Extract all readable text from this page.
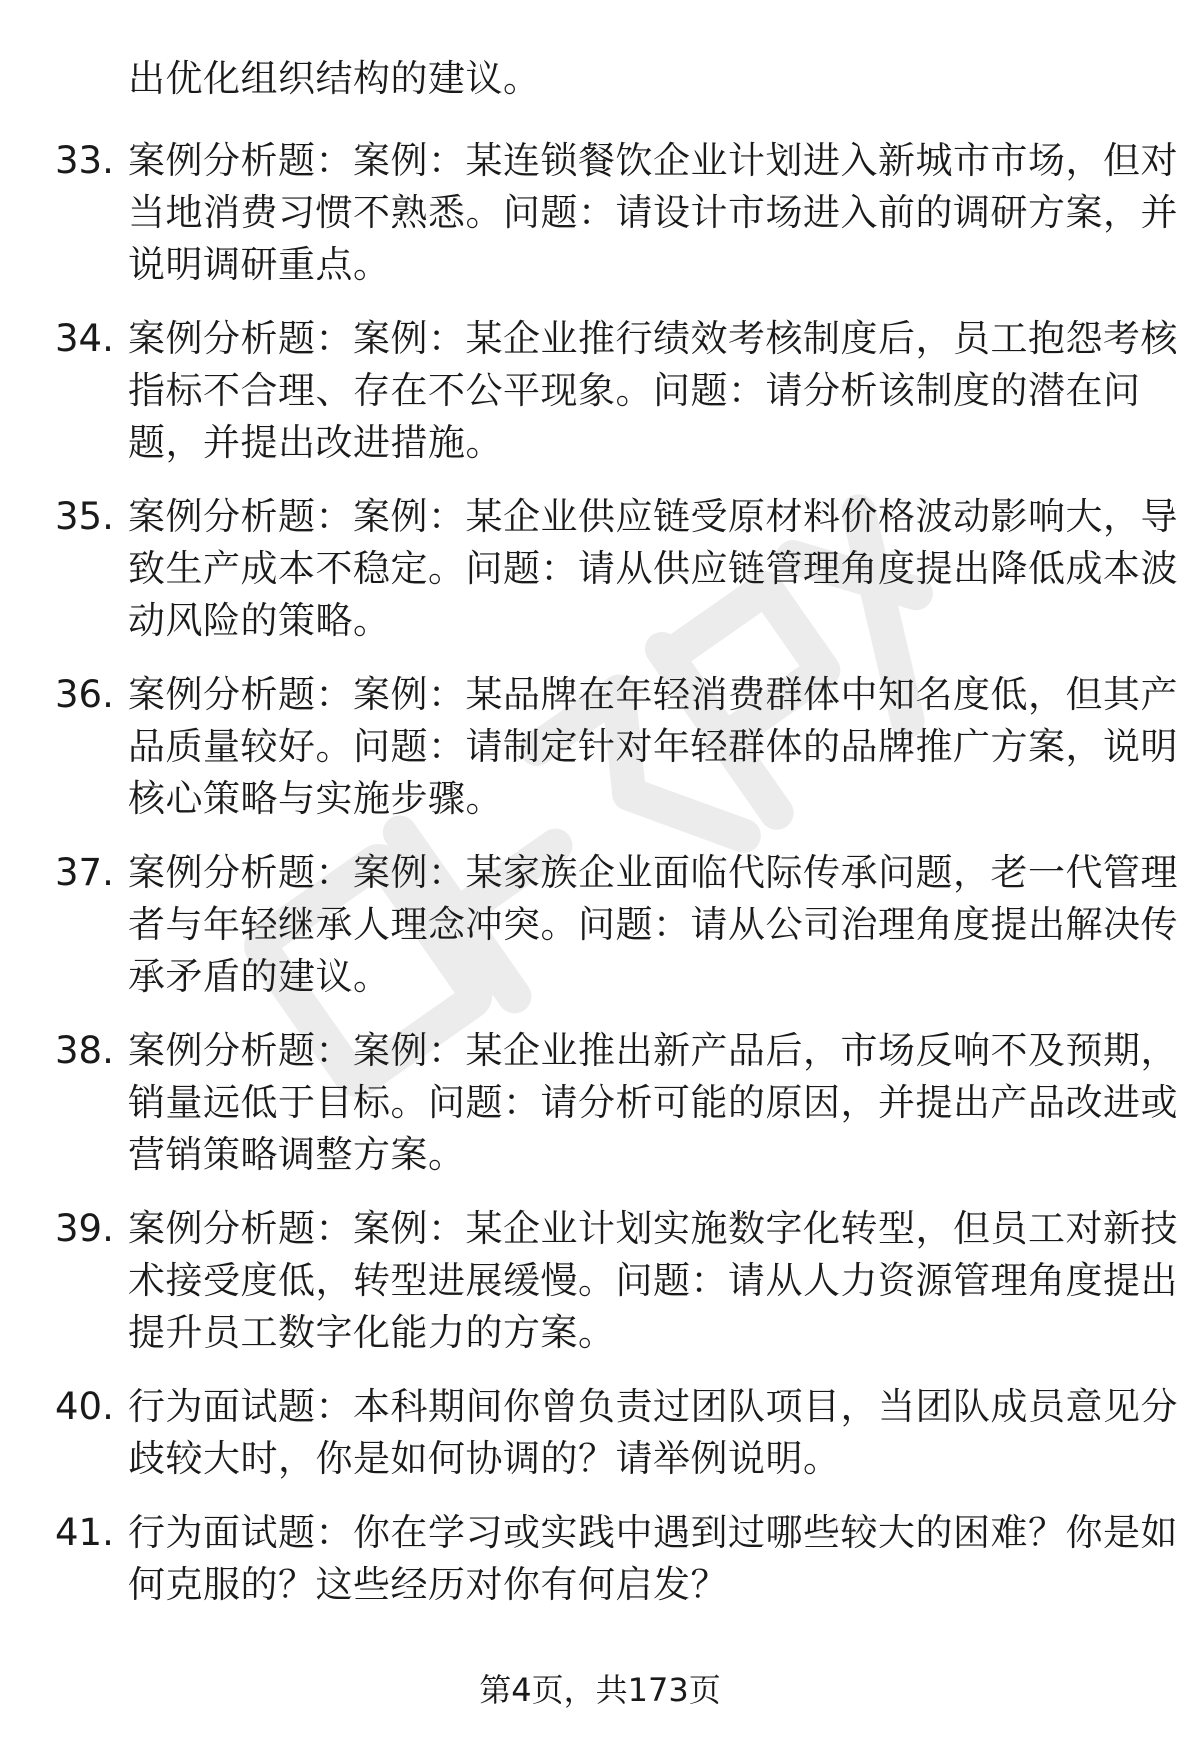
出优化组织结构的建议。
33. 案例分析题：案例：某连锁餐饮企业计划进入新城市市场，但对
当地消费习惯不熟悉。问题：请设计市场进入前的调研方案，并
说明调研重点。
34. 案例分析题：案例：某企业推行绩效考核制度后，员工抱怨考核
指标不合理、存在不公平现象。问题：请分析该制度的潜在问
题，并提出改进措施。
35. 案例分析题：案例：某企业供应链受原材料价格波动影响大，导
致生产成本不稳定。问题：请从供应链管理角度提出降低成本波
动风险的策略。
36. 案例分析题：案例：某品牌在年轻消费群体中知名度低，但其产
品质量较好。问题：请制定针对年轻群体的品牌推广方案，说明
核心策略与实施步骤。
37. 案例分析题：案例：某家族企业面临代际传承问题，老一代管理
者与年轻继承人理念冲突。问题：请从公司治理角度提出解决传
承矛盾的建议。
38. 案例分析题：案例：某企业推出新产品后，市场反响不及预期，
销量远低于目标。问题：请分析可能的原因，并提出产品改进或
营销策略调整方案。
39. 案例分析题：案例：某企业计划实施数字化转型，但员工对新技
术接受度低，转型进展缓慢。问题：请从人力资源管理角度提出
提升员工数字化能力的方案。
40. 行为面试题：本科期间你曾负责过团队项目，当团队成员意见分
歧较大时，你是如何协调的？请举例说明。
41. 行为面试题：你在学习或实践中遇到过哪些较大的困难？你是如
何克服的？这些经历对你有何启发？
第4页，共173页
